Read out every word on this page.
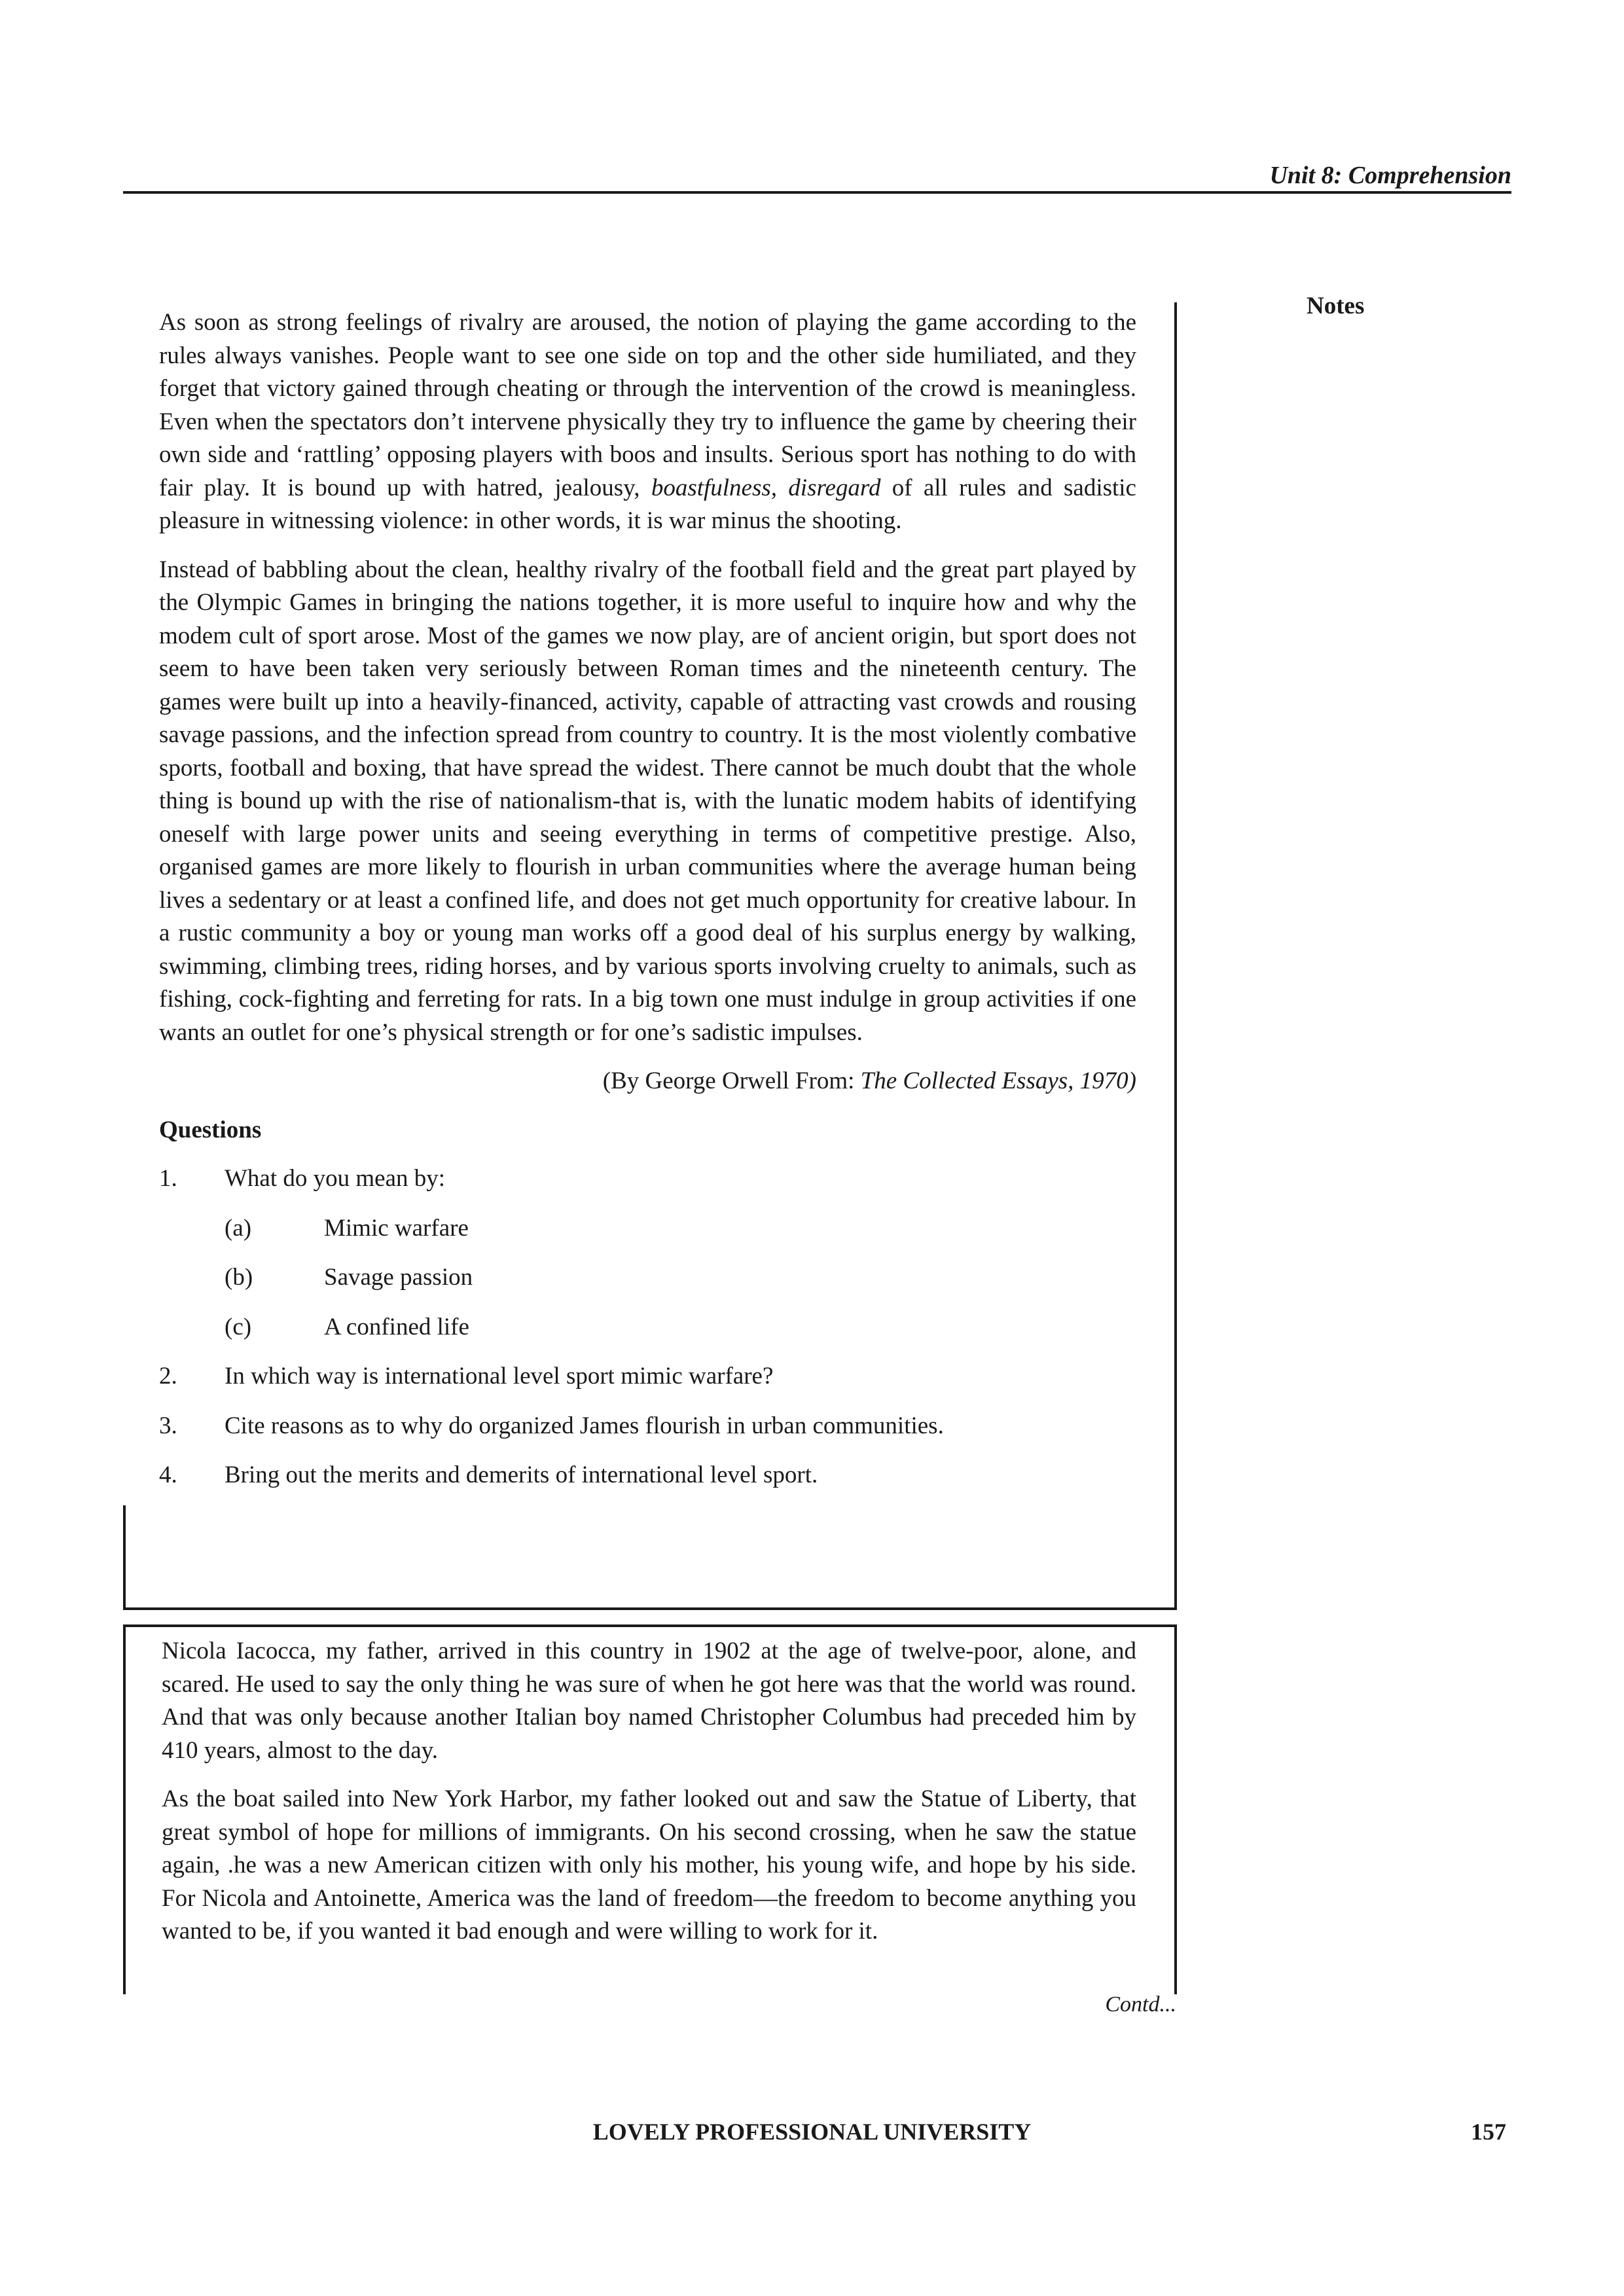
Unit 8: Comprehension
Notes

As soon as strong feelings of rivalry are aroused, the notion of playing the game according to the rules always vanishes. People want to see one side on top and the other side humiliated, and they forget that victory gained through cheating or through the intervention of the crowd is meaningless. Even when the spectators don’t intervene physically they try to influence the game by cheering their own side and ‘rattling’ opposing players with boos and insults. Serious sport has nothing to do with fair play. It is bound up with hatred, jealousy, boastfulness, disregard of all rules and sadistic pleasure in witnessing violence: in other words, it is war minus the shooting.

Instead of babbling about the clean, healthy rivalry of the football field and the great part played by the Olympic Games in bringing the nations together, it is more useful to inquire how and why the modem cult of sport arose. Most of the games we now play, are of ancient origin, but sport does not seem to have been taken very seriously between Roman times and the nineteenth century. The games were built up into a heavily-financed, activity, capable of attracting vast crowds and rousing savage passions, and the infection spread from country to country. It is the most violently combative sports, football and boxing, that have spread the widest. There cannot be much doubt that the whole thing is bound up with the rise of nationalism-that is, with the lunatic modem habits of identifying oneself with large power units and seeing everything in terms of competitive prestige. Also, organised games are more likely to flourish in urban communities where the average human being lives a sedentary or at least a confined life, and does not get much opportunity for creative labour. In a rustic community a boy or young man works off a good deal of his surplus energy by walking, swimming, climbing trees, riding horses, and by various sports involving cruelty to animals, such as fishing, cock-fighting and ferreting for rats. In a big town one must indulge in group activities if one wants an outlet for one’s physical strength or for one’s sadistic impulses.

(By George Orwell From: The Collected Essays, 1970)
Questions
1.	What do you mean by:
(a)	Mimic warfare
(b)	Savage passion
(c)	A confined life
2.	In which way is international level sport mimic warfare?
3.	Cite reasons as to why do organized James flourish in urban communities.
4.	Bring out the merits and demerits of international level sport.

Nicola Iacocca, my father, arrived in this country in 1902 at the age of twelve-poor, alone, and scared. He used to say the only thing he was sure of when he got here was that the world was round. And that was only because another Italian boy named Christopher Columbus had preceded him by 410 years, almost to the day.

As the boat sailed into New York Harbor, my father looked out and saw the Statue of Liberty, that great symbol of hope for millions of immigrants. On his second crossing, when he saw the statue again, .he was a new American citizen with only his mother, his young wife, and hope by his side. For Nicola and Antoinette, America was the land of freedom—the freedom to become anything you wanted to be, if you wanted it bad enough and were willing to work for it.

Contd...
LOVELY PROFESSIONAL UNIVERSITY	157
